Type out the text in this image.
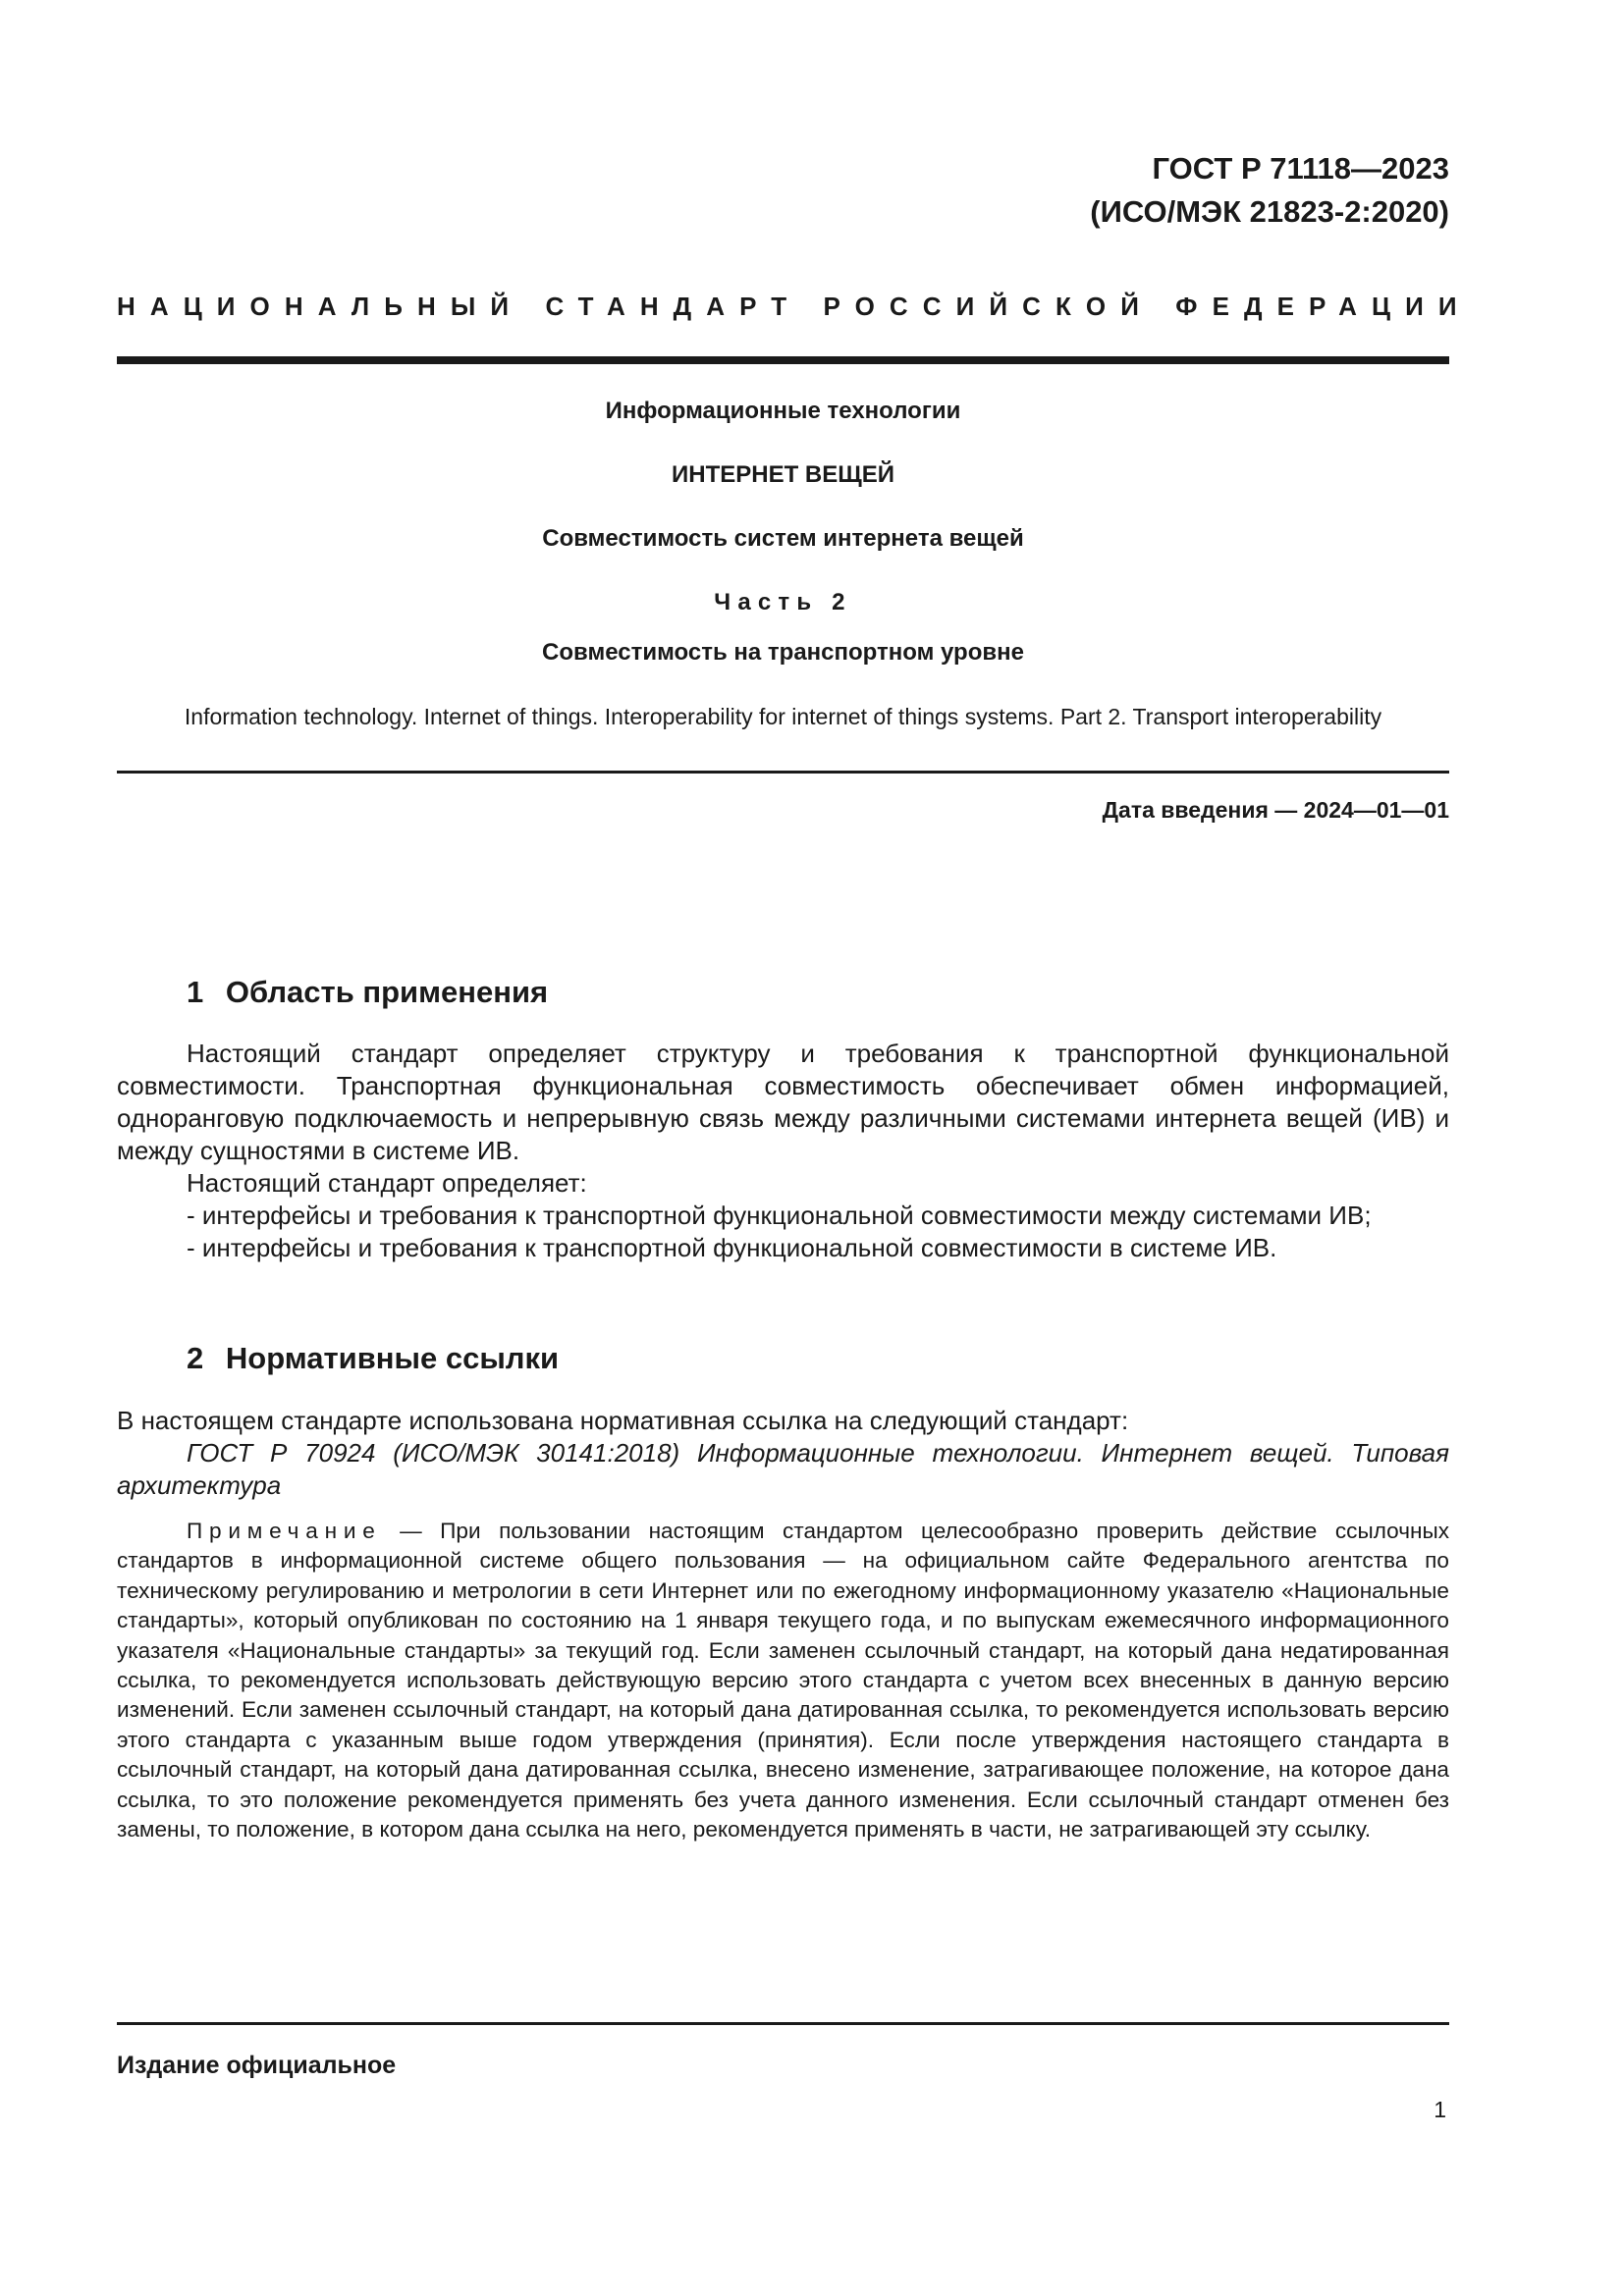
ГОСТ Р 71118—2023
(ИСО/МЭК 21823-2:2020)
НАЦИОНАЛЬНЫЙ СТАНДАРТ РОССИЙСКОЙ ФЕДЕРАЦИИ
Информационные технологии
ИНТЕРНЕТ ВЕЩЕЙ
Совместимость систем интернета вещей
Часть 2
Совместимость на транспортном уровне
Information technology. Internet of things. Interoperability for internet of things systems. Part 2. Transport interoperability
Дата введения — 2024—01—01
1 Область применения

Настоящий стандарт определяет структуру и требования к транспортной функциональной совместимости. Транспортная функциональная совместимость обеспечивает обмен информацией, одноранговую подключаемость и непрерывную связь между различными системами интернета вещей (ИВ) и между сущностями в системе ИВ.

Настоящий стандарт определяет:

- интерфейсы и требования к транспортной функциональной совместимости между системами ИВ;

- интерфейсы и требования к транспортной функциональной совместимости в системе ИВ.

2 Нормативные ссылки

В настоящем стандарте использована нормативная ссылка на следующий стандарт:

ГОСТ Р 70924 (ИСО/МЭК 30141:2018) Информационные технологии. Интернет вещей. Типовая архитектура

Примечание — При пользовании настоящим стандартом целесообразно проверить действие ссылочных стандартов в информационной системе общего пользования — на официальном сайте Федерального агентства по техническому регулированию и метрологии в сети Интернет или по ежегодному информационному указателю «Национальные стандарты», который опубликован по состоянию на 1 января текущего года, и по выпускам ежемесячного информационного указателя «Национальные стандарты» за текущий год. Если заменен ссылочный стандарт, на который дана недатированная ссылка, то рекомендуется использовать действующую версию этого стандарта с учетом всех внесенных в данную версию изменений. Если заменен ссылочный стандарт, на который дана датированная ссылка, то рекомендуется использовать версию этого стандарта с указанным выше годом утверждения (принятия). Если после утверждения настоящего стандарта в ссылочный стандарт, на который дана датированная ссылка, внесено изменение, затрагивающее положение, на которое дана ссылка, то это положение рекомендуется применять без учета данного изменения. Если ссылочный стандарт отменен без замены, то положение, в котором дана ссылка на него, рекомендуется применять в части, не затрагивающей эту ссылку.

Издание официальное
1
